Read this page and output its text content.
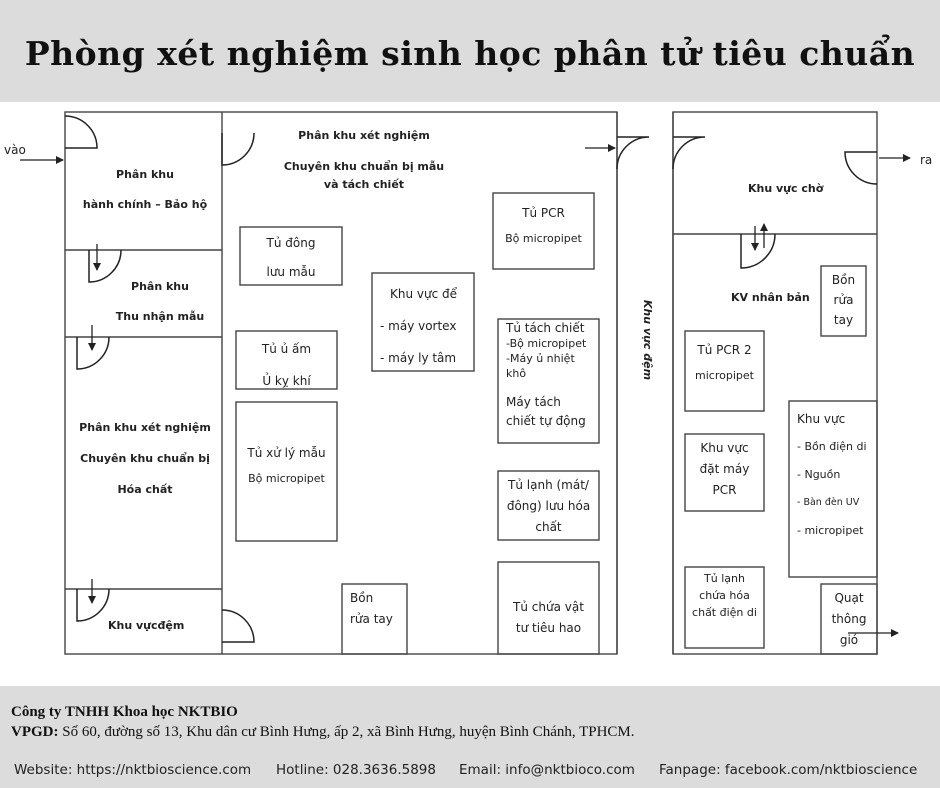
Phòng xét nghiệm sinh học phân tử tiêu chuẩn
vào
ra
Phân khu
hành chính – Bảo hộ
Phân khu
Thu nhận mẫu
Phân khu xét nghiệm
Chuyên khu chuẩn bị
Hóa chất
Khu vựcđệm
Phân khu xét nghiệm
Chuyên khu chuẩn bị mẫu
và tách chiết
Tủ đông
lưu mẫu
Tủ ủ ấm
Ủ kỵ khí
Tủ xử lý mẫu
Bộ micropipet
Khu vực để
- máy vortex
- máy ly tâm
Tủ PCR
Bộ micropipet
Tủ tách chiết
-Bộ micropipet
-Máy ủ nhiệt
khô
Máy tách
chiết tự động
Tủ lạnh (mát/
đông) lưu hóa
chất
Tủ chứa vật
tư tiêu hao
Bồn
rửa tay
Khu vực đệm
Khu vực chờ
KV nhân bản
Bồn
rửa
tay
Tủ PCR 2
micropipet
Khu vực
đặt máy
PCR
Khu vực
- Bồn điện di
- Nguồn
- Bàn đèn UV
- micropipet
Tủ lạnh
chứa hóa
chất điện di
Quạt
thông
gió
Công ty TNHH Khoa học NKTBIO
VPGD: Số 60, đường số 13, Khu dân cư Bình Hưng, ấp 2, xã Bình Hưng, huyện Bình Chánh, TPHCM.
Website: https://nktbioscience.com Hotline: 028.3636.5898 Email: info@nktbioco.com Fanpage: facebook.com/nktbioscience
